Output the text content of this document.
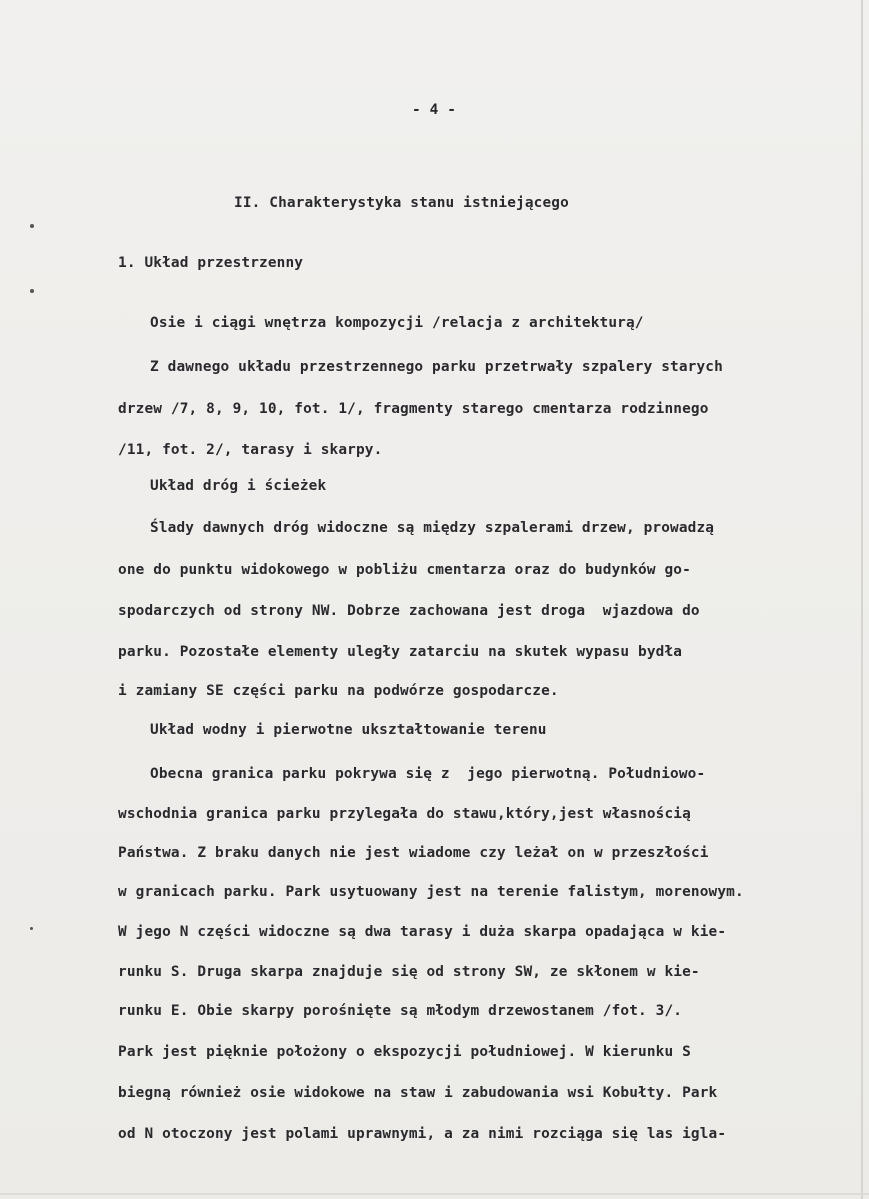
- 4 -
II. Charakterystyka stanu istniejącego
1. Układ przestrzenny
Osie i ciągi wnętrza kompozycji /relacja z architekturą/
Z dawnego układu przestrzennego parku przetrwały szpalery starych
drzew /7, 8, 9, 10, fot. 1/, fragmenty starego cmentarza rodzinnego
/11, fot. 2/, tarasy i skarpy.
Układ dróg i ścieżek
Ślady dawnych dróg widoczne są między szpalerami drzew, prowadzą
one do punktu widokowego w pobliżu cmentarza oraz do budynków go-
spodarczych od strony NW. Dobrze zachowana jest droga  wjazdowa do
parku. Pozostałe elementy uległy zatarciu na skutek wypasu bydła
i zamiany SE części parku na podwórze gospodarcze.
Układ wodny i pierwotne ukształtowanie terenu
Obecna granica parku pokrywa się z  jego pierwotną. Południowo-
wschodnia granica parku przylegała do stawu,który,jest własnością
Państwa. Z braku danych nie jest wiadome czy leżał on w przeszłości
w granicach parku. Park usytuowany jest na terenie falistym, morenowym.
W jego N części widoczne są dwa tarasy i duża skarpa opadająca w kie-
runku S. Druga skarpa znajduje się od strony SW, ze skłonem w kie-
runku E. Obie skarpy porośnięte są młodym drzewostanem /fot. 3/.
Park jest pięknie położony o ekspozycji południowej. W kierunku S
biegną również osie widokowe na staw i zabudowania wsi Kobułty. Park
od N otoczony jest polami uprawnymi, a za nimi rozciąga się las igla-
